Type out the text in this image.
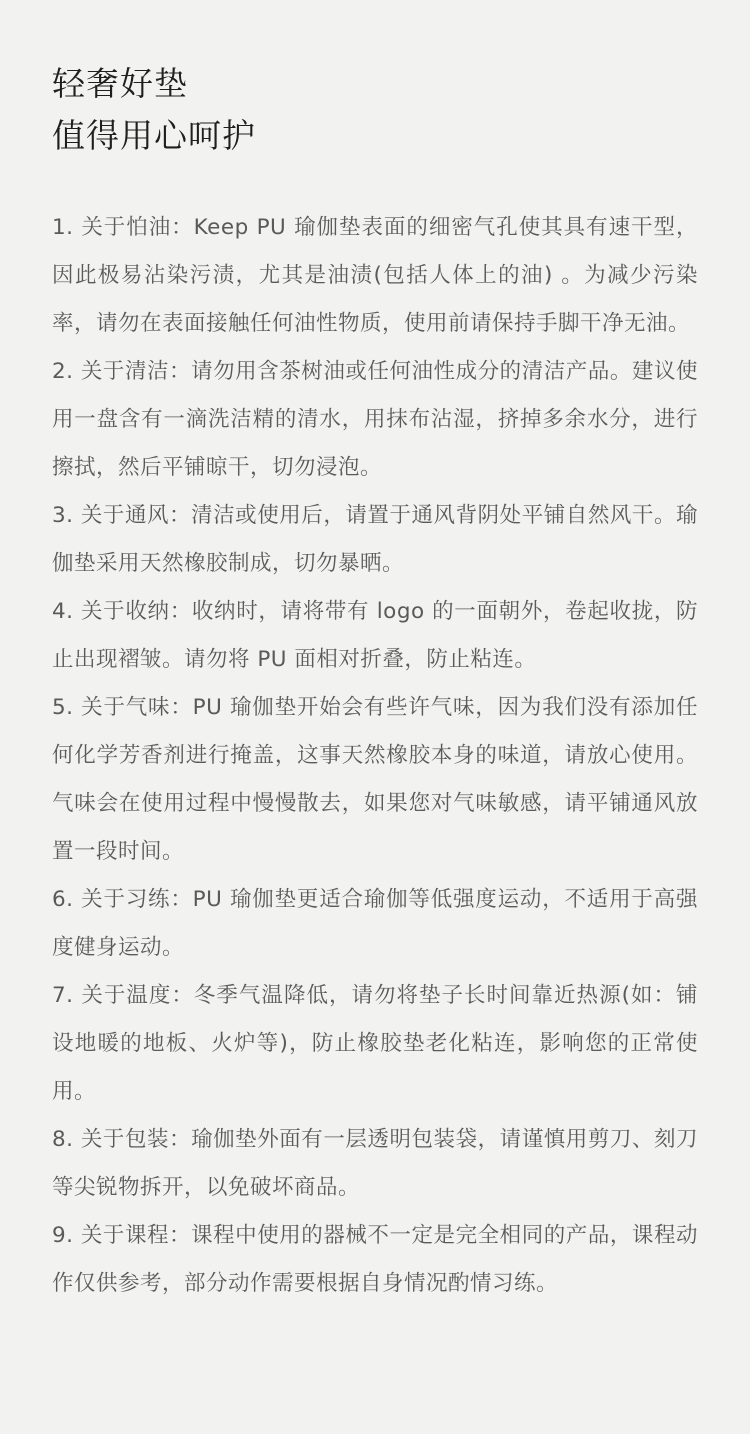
轻奢好垫
值得用心呵护

1. 关于怕油：Keep PU 瑜伽垫表面的细密气孔使其具有速干型，因此极易沾染污渍，尤其是油渍(包括人体上的油) 。为减少污染率，请勿在表面接触任何油性物质，使用前请保持手脚干净无油。

2. 关于清洁：请勿用含茶树油或任何油性成分的清洁产品。建议使用一盘含有一滴洗洁精的清水，用抹布沾湿，挤掉多余水分，进行擦拭，然后平铺晾干，切勿浸泡。

3. 关于通风：清洁或使用后，请置于通风背阴处平铺自然风干。瑜伽垫采用天然橡胶制成，切勿暴晒。

4. 关于收纳：收纳时，请将带有 logo 的一面朝外，卷起收拢，防止出现褶皱。请勿将 PU 面相对折叠，防止粘连。

5. 关于气味：PU 瑜伽垫开始会有些许气味，因为我们没有添加任何化学芳香剂进行掩盖，这事天然橡胶本身的味道，请放心使用。气味会在使用过程中慢慢散去，如果您对气味敏感，请平铺通风放置一段时间。

6. 关于习练：PU 瑜伽垫更适合瑜伽等低强度运动，不适用于高强度健身运动。

7. 关于温度：冬季气温降低，请勿将垫子长时间靠近热源(如：铺设地暖的地板、火炉等)，防止橡胶垫老化粘连，影响您的正常使用。

8. 关于包装：瑜伽垫外面有一层透明包装袋，请谨慎用剪刀、刻刀等尖锐物拆开，以免破坏商品。

9. 关于课程：课程中使用的器械不一定是完全相同的产品，课程动作仅供参考，部分动作需要根据自身情况酌情习练。
